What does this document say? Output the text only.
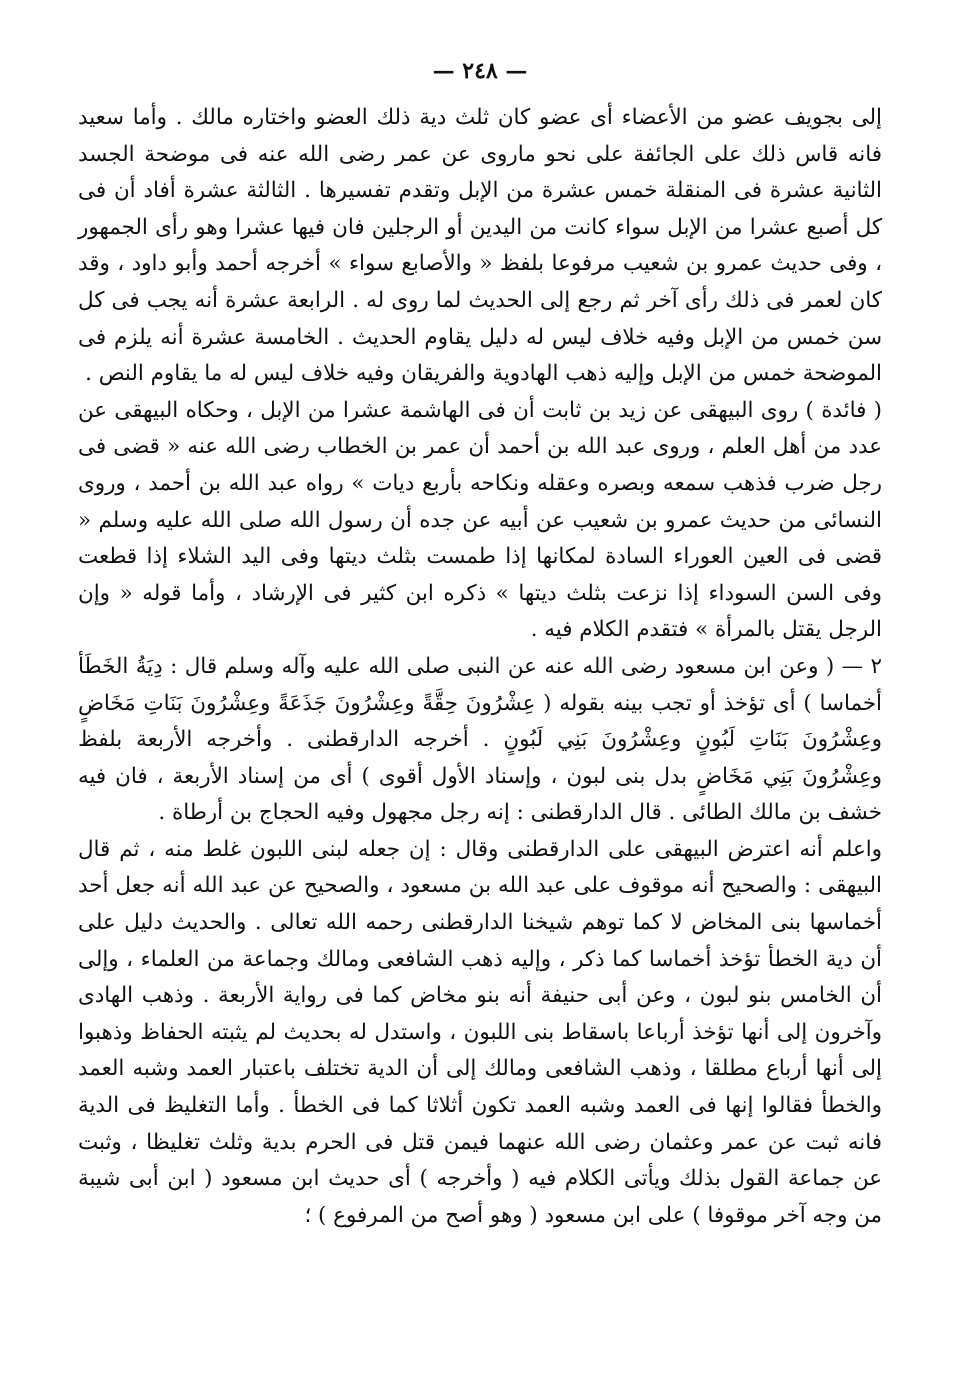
— ٢٤٨ —

إلى بجويف عضو من الأعضاء أى عضو كان ثلث دية ذلك العضو واختاره مالك . وأما سعيد فانه قاس ذلك على الجائفة على نحو ماروى عن عمر رضى الله عنه فى موضحة الجسد الثانية عشرة فى المنقلة خمس عشرة من الإبل وتقدم تفسيرها . الثالثة عشرة أفاد أن فى كل أصبع عشرا من الإبل سواء كانت من اليدين أو الرجلين فان فيها عشرا وهو رأى الجمهور ، وفى حديث عمرو بن شعيب مرفوعا بلفظ « والأصابع سواء » أخرجه أحمد وأبو داود ، وقد كان لعمر فى ذلك رأى آخر ثم رجع إلى الحديث لما روى له . الرابعة عشرة أنه يجب فى كل سن خمس من الإبل وفيه خلاف ليس له دليل يقاوم الحديث . الخامسة عشرة أنه يلزم فى الموضحة خمس من الإبل وإليه ذهب الهادوية والفريقان وفيه خلاف ليس له ما يقاوم النص .

( فائدة ) روى البيهقى عن زيد بن ثابت أن فى الهاشمة عشرا من الإبل ، وحكاه البيهقى عن عدد من أهل العلم ، وروى عبد الله بن أحمد أن عمر بن الخطاب رضى الله عنه « قضى فى رجل ضرب فذهب سمعه وبصره وعقله ونكاحه بأربع ديات » رواه عبد الله بن أحمد ، وروى النسائى من حديث عمرو بن شعيب عن أبيه عن جده أن رسول الله صلى الله عليه وسلم « قضى فى العين العوراء السادة لمكانها إذا طمست بثلث ديتها وفى اليد الشلاء إذا قطعت وفى السن السوداء إذا نزعت بثلث ديتها » ذكره ابن كثير فى الإرشاد ، وأما قوله « وإن الرجل يقتل بالمرأة » فتقدم الكلام فيه .

٢ — ( وعن ابن مسعود رضى الله عنه عن النبى صلى الله عليه وآله وسلم قال : دِيَةُ الخَطَأ أخماسا ) أى تؤخذ أو تجب بينه بقوله ( عِشْرُونَ حِقَّةً وعِشْرُونَ جَذَعَةً وعِشْرُونَ بَنَاتِ مَخَاضٍ وعِشْرُونَ بَنَاتِ لَبُونٍ وعِشْرُونَ بَنِي لَبُونٍ . أخرجه الدارقطنى . وأخرجه الأربعة بلفظ وعِشْرُونَ بَنِي مَخَاضٍ بدل بنى لبون ، وإسناد الأول أقوى ) أى من إسناد الأربعة ، فان فيه خشف بن مالك الطائى . قال الدارقطنى : إنه رجل مجهول وفيه الحجاج بن أرطاة .

واعلم أنه اعترض البيهقى على الدارقطنى وقال : إن جعله لبنى اللبون غلط منه ، ثم قال البيهقى : والصحيح أنه موقوف على عبد الله بن مسعود ، والصحيح عن عبد الله أنه جعل أحد أخماسها بنى المخاض لا كما توهم شيخنا الدارقطنى رحمه الله تعالى . والحديث دليل على أن دية الخطأ تؤخذ أخماسا كما ذكر ، وإليه ذهب الشافعى ومالك وجماعة من العلماء ، وإلى أن الخامس بنو لبون ، وعن أبى حنيفة أنه بنو مخاض كما فى رواية الأربعة . وذهب الهادى وآخرون إلى أنها تؤخذ أرباعا باسقاط بنى اللبون ، واستدل له بحديث لم يثبته الحفاظ وذهبوا إلى أنها أرباع مطلقا ، وذهب الشافعى ومالك إلى أن الدية تختلف باعتبار العمد وشبه العمد والخطأ فقالوا إنها فى العمد وشبه العمد تكون أثلاثا كما فى الخطأ . وأما التغليظ فى الدية فانه ثبت عن عمر وعثمان رضى الله عنهما فيمن قتل فى الحرم بدية وثلث تغليظا ، وثبت عن جماعة القول بذلك ويأتى الكلام فيه ( وأخرجه ) أى حديث ابن مسعود ( ابن أبى شيبة من وجه آخر موقوفا ) على ابن مسعود ( وهو أصح من المرفوع ) ؛
